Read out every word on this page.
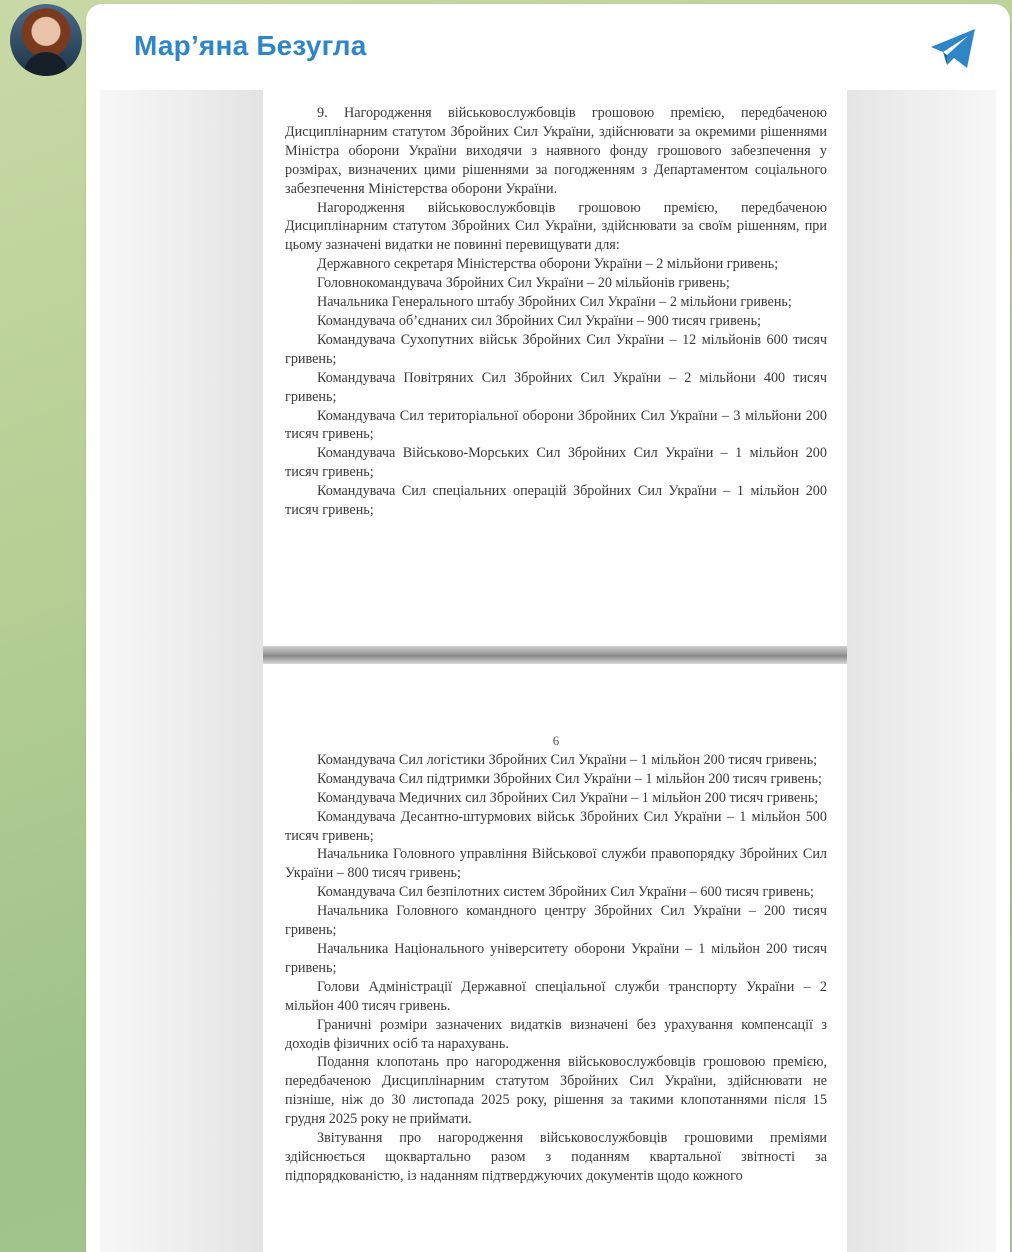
Мар’яна Безугла

9. Нагородження військовослужбовців грошовою премією, передбаченою Дисциплінарним статутом Збройних Сил України, здійснювати за окремими рішеннями Міністра оборони України виходячи з наявного фонду грошового забезпечення у розмірах, визначених цими рішеннями за погодженням з Департаментом соціального забезпечення Міністерства оборони України.

Нагородження військовослужбовців грошовою премією, передбаченою Дисциплінарним статутом Збройних Сил України, здійснювати за своїм рішенням, при цьому зазначені видатки не повинні перевищувати для:

Державного секретаря Міністерства оборони України – 2 мільйони гривень;

Головнокомандувача Збройних Сил України – 20 мільйонів гривень;

Начальника Генерального штабу Збройних Сил України – 2 мільйони гривень;

Командувача об’єднаних сил Збройних Сил України – 900 тисяч гривень;

Командувача Сухопутних військ Збройних Сил України – 12 мільйонів 600 тисяч гривень;

Командувача Повітряних Сил Збройних Сил України – 2 мільйони 400 тисяч гривень;

Командувача Сил територіальної оборони Збройних Сил України – 3 мільйони 200 тисяч гривень;

Командувача Військово-Морських Сил Збройних Сил України – 1 мільйон 200 тисяч гривень;

Командувача Сил спеціальних операцій Збройних Сил України – 1 мільйон 200 тисяч гривень;

6

Командувача Сил логістики Збройних Сил України – 1 мільйон 200 тисяч гривень;

Командувача Сил підтримки Збройних Сил України – 1 мільйон 200 тисяч гривень;

Командувача Медичних сил Збройних Сил України – 1 мільйон 200 тисяч гривень;

Командувача Десантно-штурмових військ Збройних Сил України – 1 мільйон 500 тисяч гривень;

Начальника Головного управління Військової служби правопорядку Збройних Сил України – 800 тисяч гривень;

Командувача Сил безпілотних систем Збройних Сил України – 600 тисяч гривень;

Начальника Головного командного центру Збройних Сил України – 200 тисяч гривень;

Начальника Національного університету оборони України – 1 мільйон 200 тисяч гривень;

Голови Адміністрації Державної спеціальної служби транспорту України – 2 мільйон 400 тисяч гривень.

Граничні розміри зазначених видатків визначені без урахування компенсації з доходів фізичних осіб та нарахувань.

Подання клопотань про нагородження військовослужбовців грошовою премією, передбаченою Дисциплінарним статутом Збройних Сил України, здійснювати не пізніше, ніж до 30 листопада 2025 року, рішення за такими клопотаннями після 15 грудня 2025 року не приймати.

Звітування про нагородження військовослужбовців грошовими преміями здійснюється щоквартально разом з поданням квартальної звітності за підпорядкованістю, із наданням підтверджуючих документів щодо кожного
